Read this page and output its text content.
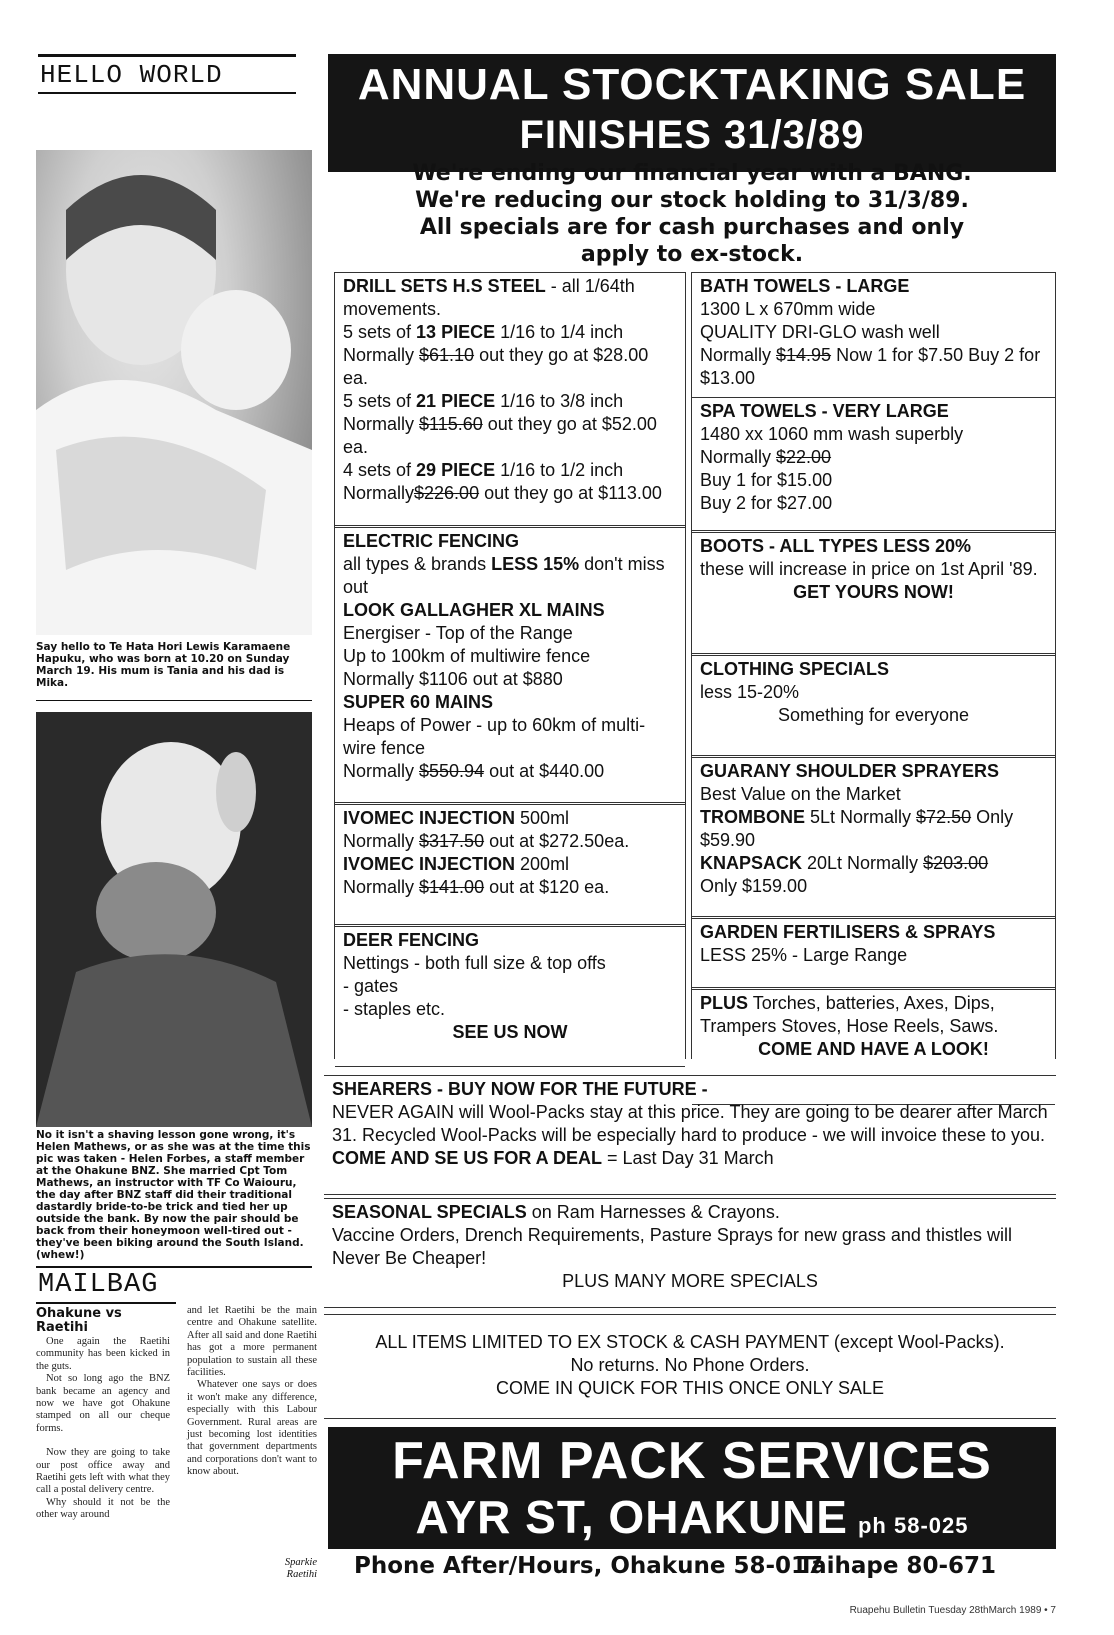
HELLO WORLD
Say hello to Te Hata Hori Lewis Karamaene Hapuku, who was born at 10.20 on Sunday March 19. His mum is Tania and his dad is Mika.
No it isn't a shaving lesson gone wrong, it's Helen Mathews, or as she was at the time this pic was taken - Helen Forbes, a staff member at the Ohakune BNZ. She married Cpt Tom Mathews, an instructor with TF Co Waiouru, the day after BNZ staff did their traditional dastardly bride-to-be trick and tied her up outside the bank. By now the pair should be back from their honeymoon well-tired out - they've been biking around the South Island. (whew!)
MAILBAG
Ohakune vs Raetihi

One again the Raetihi community has been kicked in the guts.

Not so long ago the BNZ bank became an agency and now we have got Ohakune stamped on all our cheque forms.

Now they are going to take our post office away and Raetihi gets left with what they call a postal delivery centre.

Why should it not be the other way around

and let Raetihi be the main centre and Ohakune satellite. After all said and done Raetihi has got a more permanent population to sustain all these facilities.

Whatever one says or does it won't make any difference, especially with this Labour Government. Rural areas are just becoming lost identities that government departments and corporations don't want to know about.

Sparkie
Raetihi
ANNUAL STOCKTAKING SALE
FINISHES 31/3/89
We're ending our financial year with a BANG.
We're reducing our stock holding to 31/3/89.
All specials are for cash purchases and only
apply to ex-stock.
DRILL SETS H.S STEEL - all 1/64th movements.
5 sets of 13 PIECE 1/16 to 1/4 inch
Normally $61.10 out they go at $28.00 ea.
5 sets of 21 PIECE 1/16 to 3/8 inch
Normally $115.60 out they go at $52.00 ea.
4 sets of 29 PIECE 1/16 to 1/2 inch
Normally$226.00 out they go at $113.00
ELECTRIC FENCING
all types & brands LESS 15% don't miss out
LOOK GALLAGHER XL MAINS
Energiser - Top of the Range
Up to 100km of multiwire fence
Normally $1106 out at $880
SUPER 60 MAINS
Heaps of Power - up to 60km of multi-wire fence
Normally $550.94 out at $440.00
IVOMEC INJECTION 500ml
Normally $317.50 out at $272.50ea.
IVOMEC INJECTION 200ml
Normally $141.00 out at $120 ea.
DEER FENCING
Nettings - both full size & top offs
- gates
- staples etc.
SEE US NOW
BATH TOWELS - LARGE
1300 L x 670mm wide
QUALITY DRI-GLO wash well
Normally $14.95 Now 1 for $7.50 Buy 2 for $13.00
SPA TOWELS - VERY LARGE
1480 xx 1060 mm wash superbly
Normally $22.00
Buy 1 for $15.00
Buy 2 for $27.00
BOOTS - ALL TYPES LESS 20%
these will increase in price on 1st April '89.
GET YOURS NOW!
CLOTHING SPECIALS
less 15-20%
Something for everyone
GUARANY SHOULDER SPRAYERS
Best Value on the Market
TROMBONE 5Lt Normally $72.50 Only $59.90
KNAPSACK 20Lt Normally $203.00
Only $159.00
GARDEN FERTILISERS & SPRAYS
LESS 25% - Large Range
PLUS Torches, batteries, Axes, Dips, Trampers Stoves, Hose Reels, Saws.
COME AND HAVE A LOOK!
SHEARERS - BUY NOW FOR THE FUTURE -
NEVER AGAIN will Wool-Packs stay at this price. They are going to be dearer after March 31. Recycled Wool-Packs will be especially hard to produce - we will invoice these to you.
COME AND SE US FOR A DEAL = Last Day 31 March
SEASONAL SPECIALS on Ram Harnesses & Crayons.
Vaccine Orders, Drench Requirements, Pasture Sprays for new grass and thistles will Never Be Cheaper!
PLUS MANY MORE SPECIALS
ALL ITEMS LIMITED TO EX STOCK & CASH PAYMENT (except Wool-Packs).
No returns. No Phone Orders.
COME IN QUICK FOR THIS ONCE ONLY SALE
FARM PACK SERVICES
AYR ST, OHAKUNE ph 58-025
Phone After/Hours, Ohakune 58-017
Taihape 80-671
Ruapehu Bulletin Tuesday 28thMarch 1989 • 7
